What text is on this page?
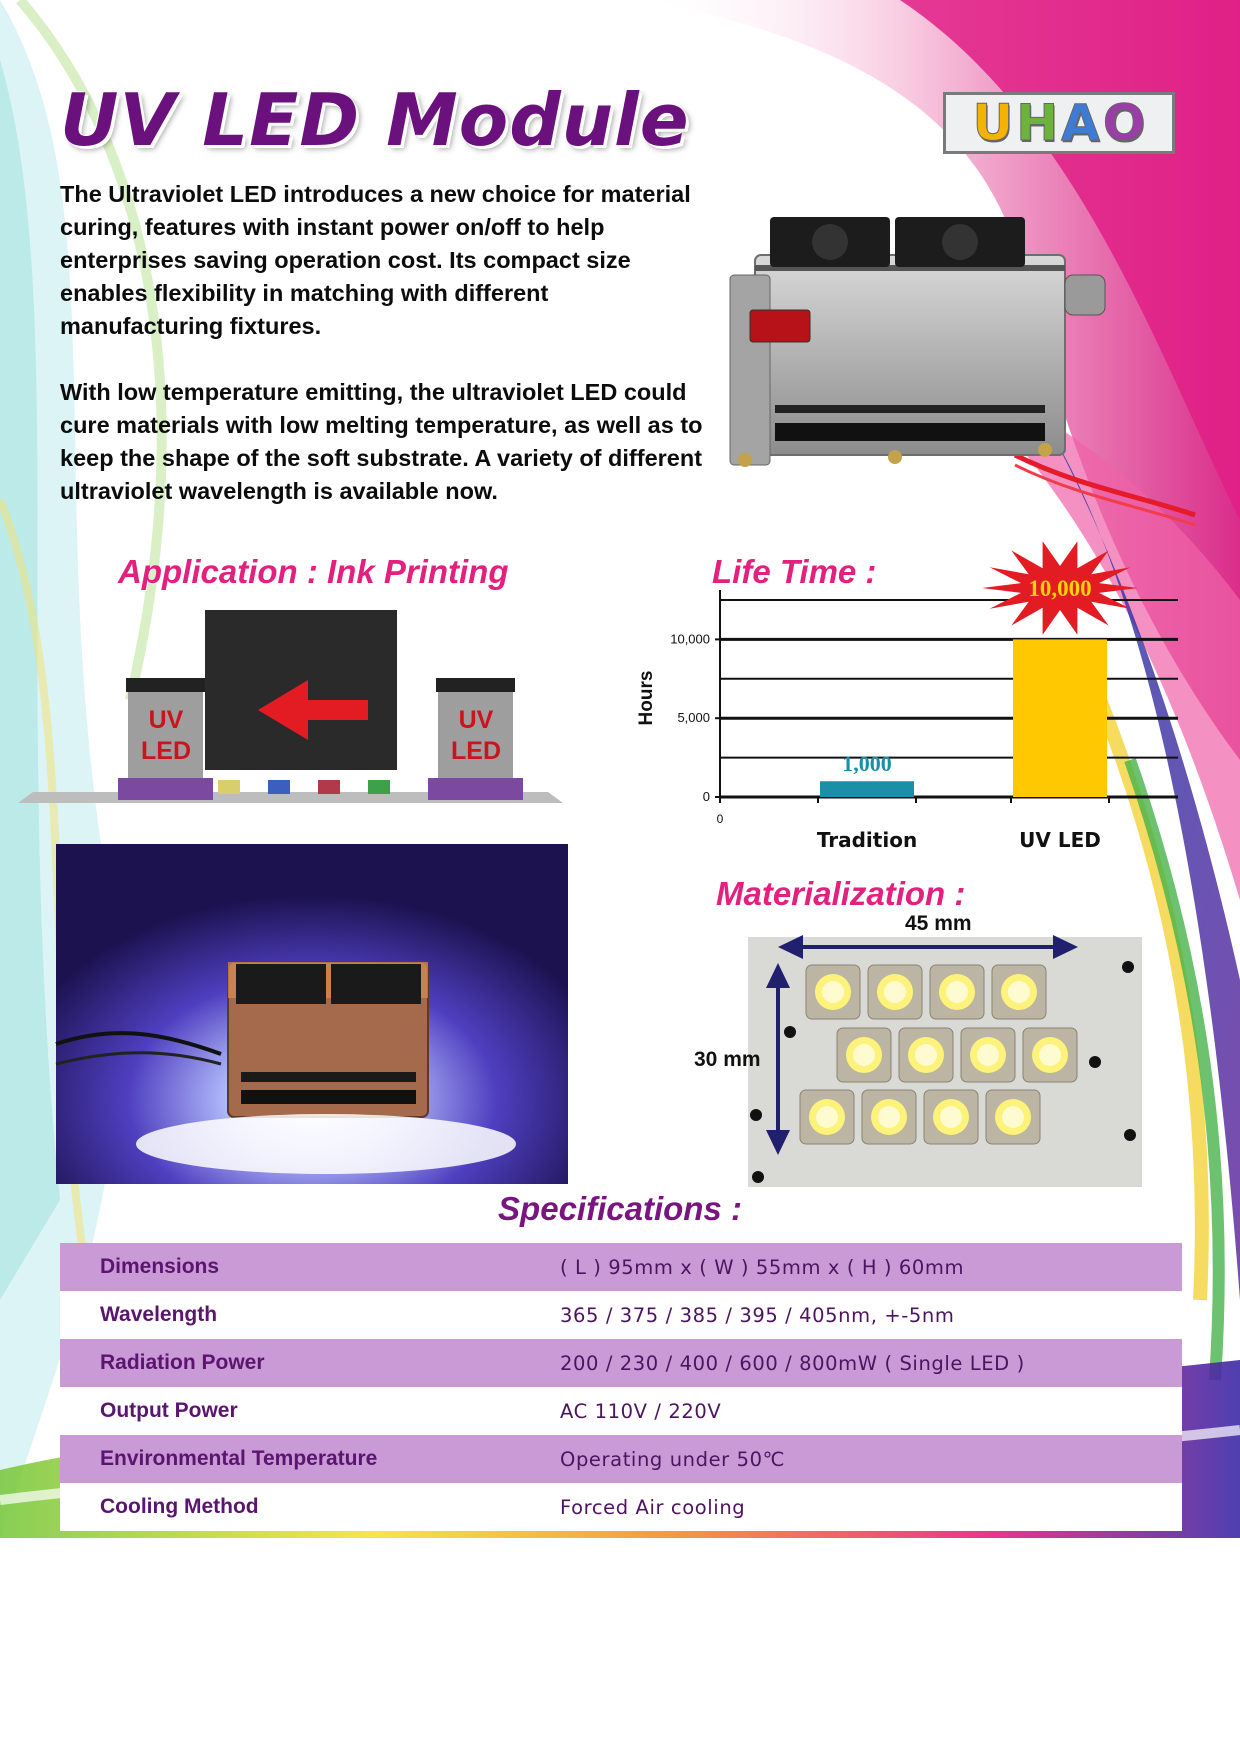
UV LED Module	U H A O

The Ultraviolet LED introduces a new choice for material curing, features with instant power on/off to help enterprises saving operation cost. Its compact size enables flexibility in matching with different manufacturing fixtures.

With low temperature emitting, the ultraviolet LED could cure materials with low melting temperature, as well as to keep the shape of the soft substrate. A variety of different ultraviolet wavelength is available now.

Application : Ink Printing
UV
LED
UV
LED
Life Time :
0
5,000
10,000
0
Hours
Tradition	UV LED
1,000
10,000
Materialization :
45 mm
30 mm
Specifications :
Dimensions	( L ) 95mm x ( W ) 55mm x ( H ) 60mm
Wavelength	365 / 375 / 385 / 395 / 405nm, +-5nm
Radiation Power	200 / 230 / 400 / 600 / 800mW ( Single LED )
Output Power	AC 110V / 220V
Environmental Temperature	Operating under 50℃
Cooling Method	Forced Air cooling
